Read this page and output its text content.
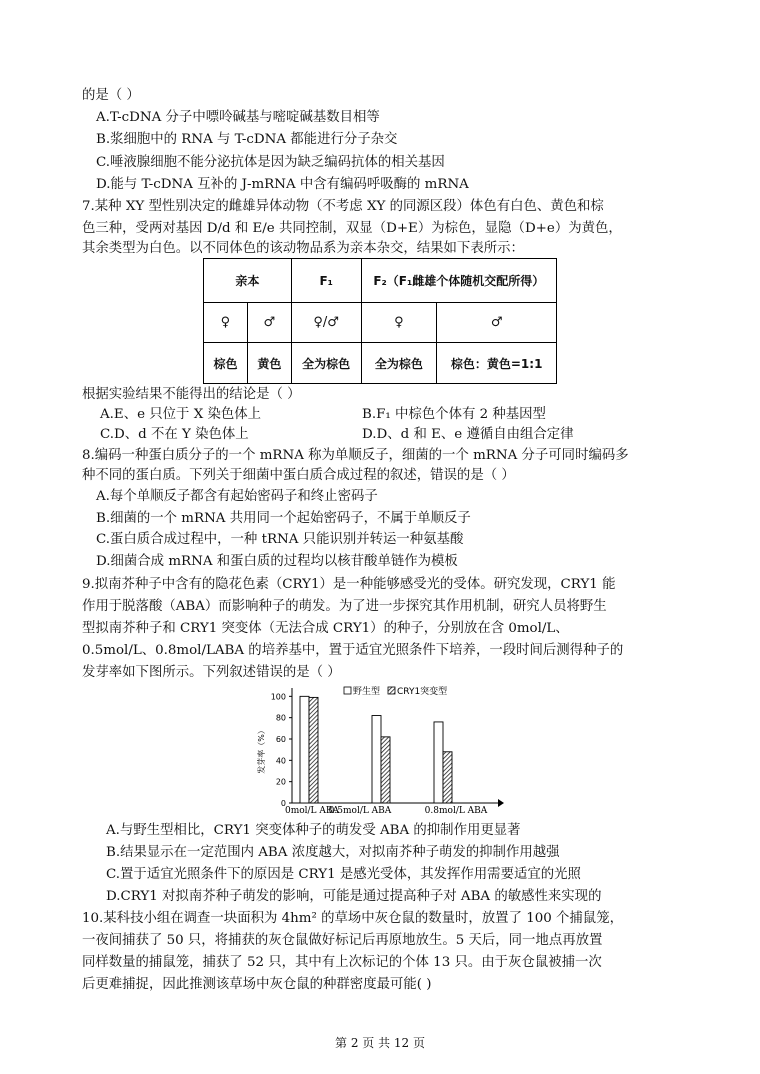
的是（ ）
A.T-cDNA 分子中嘌呤碱基与嘧啶碱基数目相等
B.浆细胞中的 RNA 与 T-cDNA 都能进行分子杂交
C.唾液腺细胞不能分泌抗体是因为缺乏编码抗体的相关基因
D.能与 T-cDNA 互补的 J-mRNA 中含有编码呼吸酶的 mRNA
7.某种 XY 型性别决定的雌雄异体动物（不考虑 XY 的同源区段）体色有白色、黄色和棕
色三种，受两对基因 D/d 和 E/e 共同控制，双显（D+E）为棕色，显隐（D+e）为黄色，
其余类型为白色。以不同体色的该动物品系为亲本杂交，结果如下表所示：
亲本		F₁	F₂（F₁雌雄个体随机交配所得）	
♀	♂	♀/♂	♀	♂
棕色	黄色	全为棕色	全为棕色	棕色：黄色=1:1
根据实验结果不能得出的结论是（ ）
A.E、e 只位于 X 染色体上	B.F₁ 中棕色个体有 2 种基因型
C.D、d 不在 Y 染色体上	D.D、d 和 E、e 遵循自由组合定律
8.编码一种蛋白质分子的一个 mRNA 称为单顺反子，细菌的一个 mRNA 分子可同时编码多
种不同的蛋白质。下列关于细菌中蛋白质合成过程的叙述，错误的是（ ）
A.每个单顺反子都含有起始密码子和终止密码子
B.细菌的一个 mRNA 共用同一个起始密码子，不属于单顺反子
C.蛋白质合成过程中，一种 tRNA 只能识别并转运一种氨基酸
D.细菌合成 mRNA 和蛋白质的过程均以核苷酸单链作为模板
9.拟南芥种子中含有的隐花色素（CRY1）是一种能够感受光的受体。研究发现，CRY1 能
作用于脱落酸（ABA）而影响种子的萌发。为了进一步探究其作用机制，研究人员将野生
型拟南芥种子和 CRY1 突变体（无法合成 CRY1）的种子，分别放在含 0mol/L、
0.5mol/L、0.8mol/LABA 的培养基中，置于适宜光照条件下培养，一段时间后测得种子的
发芽率如下图所示。下列叙述错误的是（ ）
0
20
40
60
80
100
发芽率（%）
0mol/L ABA
0.5mol/L ABA	0.8mol/L ABA
野生型 CRY1突变型
A.与野生型相比，CRY1 突变体种子的萌发受 ABA 的抑制作用更显著
B.结果显示在一定范围内 ABA 浓度越大，对拟南芥种子萌发的抑制作用越强
C.置于适宜光照条件下的原因是 CRY1 是感光受体，其发挥作用需要适宜的光照
D.CRY1 对拟南芥种子萌发的影响，可能是通过提高种子对 ABA 的敏感性来实现的
10.某科技小组在调查一块面积为 4hm² 的草场中灰仓鼠的数量时，放置了 100 个捕鼠笼，
一夜间捕获了 50 只，将捕获的灰仓鼠做好标记后再原地放生。5 天后，同一地点再放置
同样数量的捕鼠笼，捕获了 52 只，其中有上次标记的个体 13 只。由于灰仓鼠被捕一次
后更难捕捉，因此推测该草场中灰仓鼠的种群密度最可能( )
第 2 页 共 12 页
